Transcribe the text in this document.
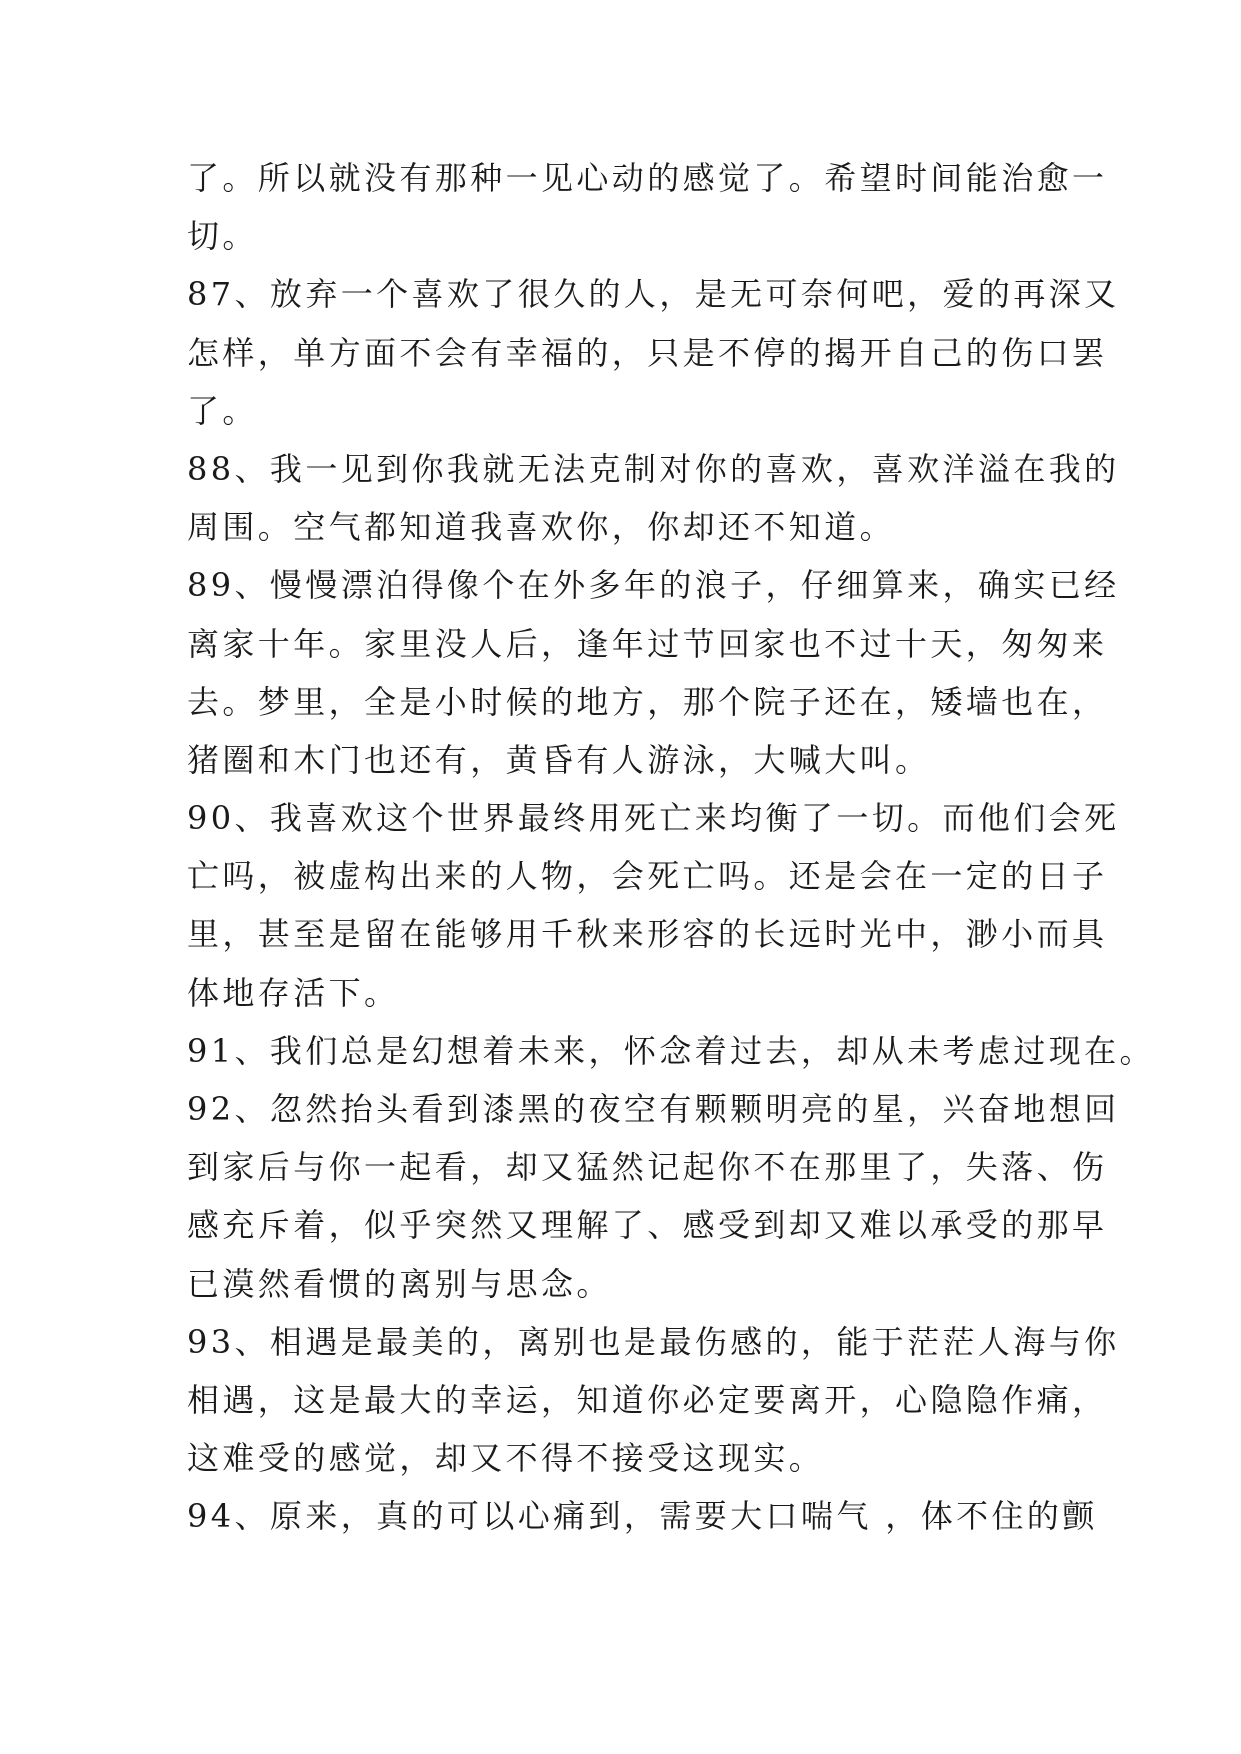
了。所以就没有那种一见心动的感觉了。希望时间能治愈一
切。
87、放弃一个喜欢了很久的人，是无可奈何吧，爱的再深又
怎样，单方面不会有幸福的，只是不停的揭开自己的伤口罢
了。
88、我一见到你我就无法克制对你的喜欢，喜欢洋溢在我的
周围。空气都知道我喜欢你，你却还不知道。
89、慢慢漂泊得像个在外多年的浪子，仔细算来，确实已经
离家十年。家里没人后，逢年过节回家也不过十天，匆匆来
去。梦里，全是小时候的地方，那个院子还在，矮墙也在，
猪圈和木门也还有，黄昏有人游泳，大喊大叫。
90、我喜欢这个世界最终用死亡来均衡了一切。而他们会死
亡吗，被虚构出来的人物，会死亡吗。还是会在一定的日子
里，甚至是留在能够用千秋来形容的长远时光中，渺小而具
体地存活下。
91、我们总是幻想着未来，怀念着过去，却从未考虑过现在。
92、忽然抬头看到漆黑的夜空有颗颗明亮的星，兴奋地想回
到家后与你一起看，却又猛然记起你不在那里了，失落、伤
感充斥着，似乎突然又理解了、感受到却又难以承受的那早
已漠然看惯的离别与思念。
93、相遇是最美的，离别也是最伤感的，能于茫茫人海与你
相遇，这是最大的幸运，知道你必定要离开，心隐隐作痛，
这难受的感觉，却又不得不接受这现实。
94、原来，真的可以心痛到，需要大口喘气 ，体不住的颤
